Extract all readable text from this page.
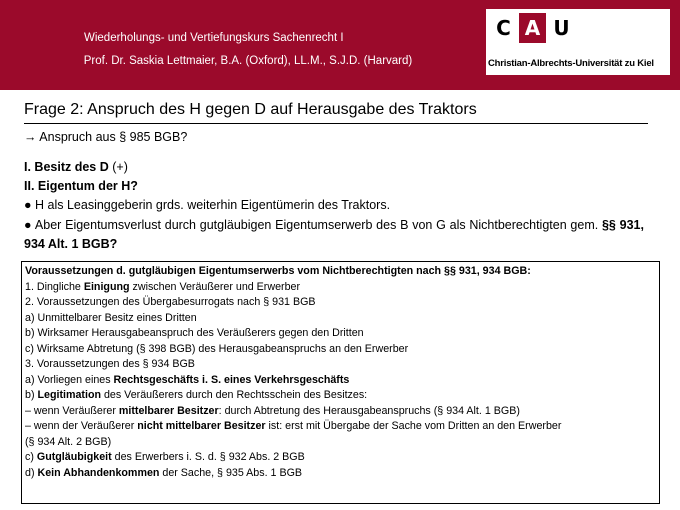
Wiederholungs- und Vertiefungskurs Sachenrecht I
Prof. Dr. Saskia Lettmaier, B.A. (Oxford), LL.M., S.J.D. (Harvard)
C A U
Christian-Albrechts-Universität zu Kiel
Frage 2: Anspruch des H gegen D auf Herausgabe des Traktors
→ Anspruch aus § 985 BGB?
I. Besitz des D (+)
II. Eigentum der H?
● H als Leasinggeberin grds. weiterhin Eigentümerin des Traktors.
● Aber Eigentumsverlust durch gutgläubigen Eigentumserwerb des B von G als Nichtberechtigten gem. §§ 931, 934 Alt. 1 BGB?
Voraussetzungen d. gutgläubigen Eigentumserwerbs vom Nichtberechtigten nach §§ 931, 934 BGB:
1. Dingliche Einigung zwischen Veräußerer und Erwerber
2. Voraussetzungen des Übergabesurrogats nach § 931 BGB
a) Unmittelbarer Besitz eines Dritten
b) Wirksamer Herausgabeanspruch des Veräußerers gegen den Dritten
c) Wirksame Abtretung (§ 398 BGB) des Herausgabeanspruchs an den Erwerber
3. Voraussetzungen des § 934 BGB
a) Vorliegen eines Rechtsgeschäfts i. S. eines Verkehrsgeschäfts
b) Legitimation des Veräußerers durch den Rechtsschein des Besitzes:
– wenn Veräußerer mittelbarer Besitzer: durch Abtretung des Herausgabeanspruchs (§ 934 Alt. 1 BGB)
– wenn der Veräußerer nicht mittelbarer Besitzer ist: erst mit Übergabe der Sache vom Dritten an den Erwerber
(§ 934 Alt. 2 BGB)
c) Gutgläubigkeit des Erwerbers i. S. d. § 932 Abs. 2 BGB
d) Kein Abhandenkommen der Sache, § 935 Abs. 1 BGB
